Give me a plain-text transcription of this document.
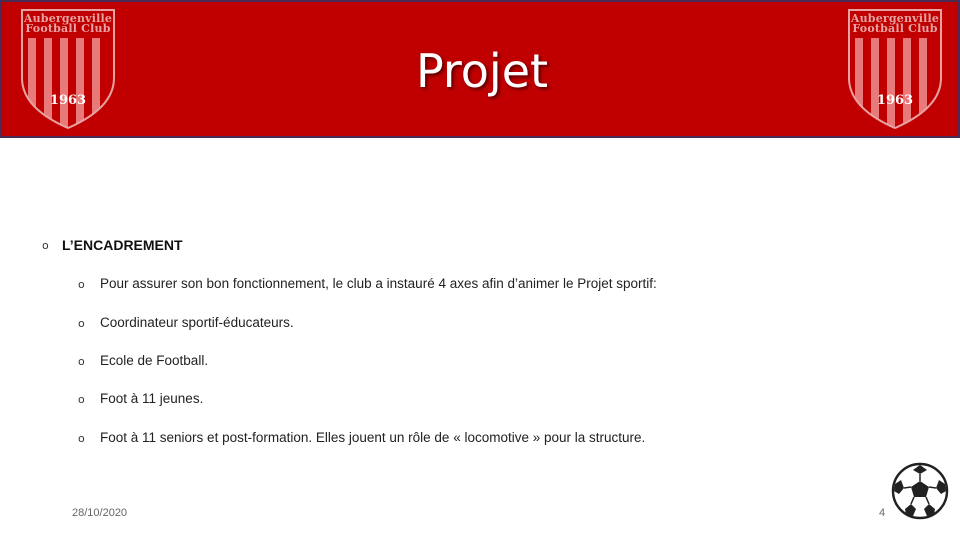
Aubergenville
Football Club
1963
Projet
Aubergenville
Football Club
1963
o L’ENCADREMENT
o Pour assurer son bon fonctionnement, le club a instauré 4 axes afin d’animer le Projet sportif:
o Coordinateur sportif-éducateurs.
o Ecole de Football.
o Foot à 11 jeunes.
o Foot à 11 seniors et post-formation. Elles jouent un rôle de « locomotive » pour la structure.
28/10/2020	4
